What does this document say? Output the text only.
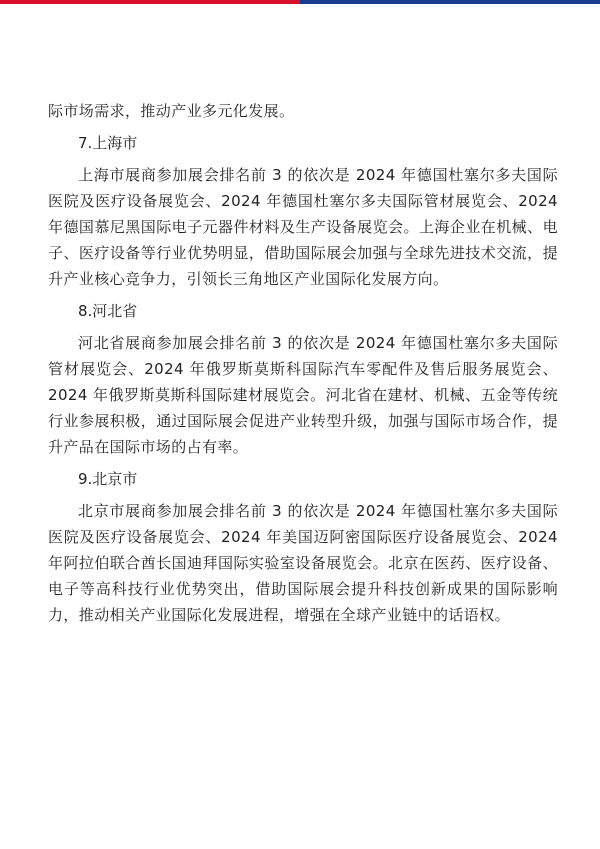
际市场需求，推动产业多元化发展。

7.上海市

上海市展商参加展会排名前 3 的依次是 2024 年德国杜塞尔多夫国际医院及医疗设备展览会、2024 年德国杜塞尔多夫国际管材展览会、2024 年德国慕尼黑国际电子元器件材料及生产设备展览会。上海企业在机械、电子、医疗设备等行业优势明显，借助国际展会加强与全球先进技术交流，提升产业核心竞争力，引领长三角地区产业国际化发展方向。

8.河北省

河北省展商参加展会排名前 3 的依次是 2024 年德国杜塞尔多夫国际管材展览会、2024 年俄罗斯莫斯科国际汽车零配件及售后服务展览会、2024 年俄罗斯莫斯科国际建材展览会。河北省在建材、机械、五金等传统行业参展积极，通过国际展会促进产业转型升级，加强与国际市场合作，提升产品在国际市场的占有率。

9.北京市

北京市展商参加展会排名前 3 的依次是 2024 年德国杜塞尔多夫国际医院及医疗设备展览会、2024 年美国迈阿密国际医疗设备展览会、2024 年阿拉伯联合酋长国迪拜国际实验室设备展览会。北京在医药、医疗设备、电子等高科技行业优势突出，借助国际展会提升科技创新成果的国际影响力，推动相关产业国际化发展进程，增强在全球产业链中的话语权。
